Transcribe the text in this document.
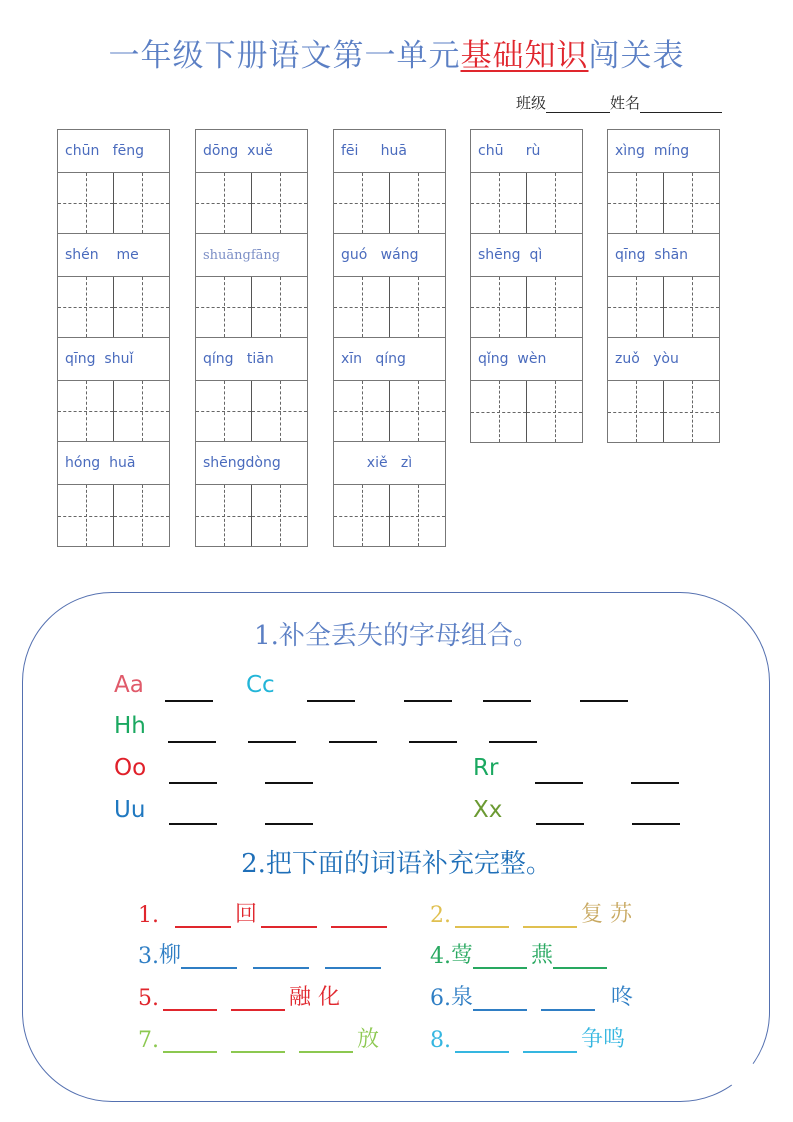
一年级下册语文第一单元基础知识闯关表
班级	姓名
chūn   fēng
shén    me
qīng  shuǐ
hóng  huā
dōng  xuě
shuāngfāng
qíng   tiān
shēngdòng
fēi     huā
guó   wáng
xīn   qíng
xiě   zì
chū     rù
shēng  qì
qǐng  wèn
xìng  míng
qīng  shān
zuǒ   yòu
1.补全丢失的字母组合。
Aa	Cc
Hh
Oo	Rr
Uu	Xx
2.把下面的词语补充完整。
1.	回	2.	复 苏
3. 柳	4. 莺	燕
5.	融 化	6. 泉	咚
7.	放 8.	争鸣
